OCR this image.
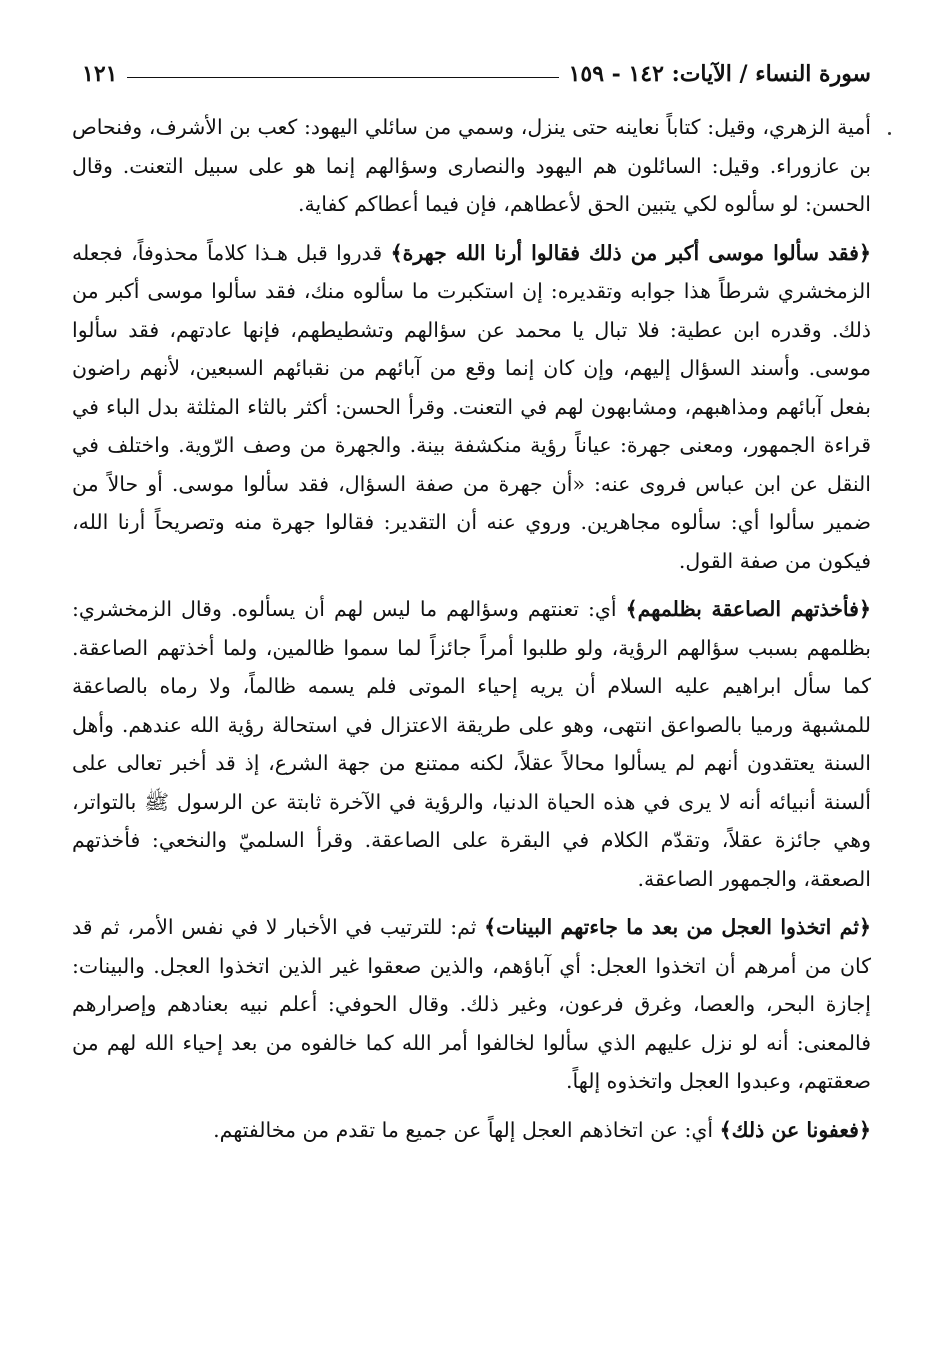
سورة النساء / الآيات: ١٤٢ - ١٥٩
١٢١

أمية الزهري، وقيل: كتاباً نعاينه حتى ينزل، وسمي من سائلي اليهود: كعب بن الأشرف، وفنحاص بن عازوراء. وقيل: السائلون هم اليهود والنصارى وسؤالهم إنما هو على سبيل التعنت. وقال الحسن: لو سألوه لكي يتبين الحق لأعطاهم، فإن فيما أعطاكم كفاية.

﴿فقد سألوا موسى أكبر من ذلك فقالوا أرنا الله جهرة﴾ قدروا قبل هـذا كلاماً محذوفاً، فجعله الزمخشري شرطاً هذا جوابه وتقديره: إن استكبرت ما سألوه منك، فقد سألوا موسى أكبر من ذلك. وقدره ابن عطية: فلا تبال يا محمد عن سؤالهم وتشطيطهم، فإنها عادتهم، فقد سألوا موسى. وأسند السؤال إليهم، وإن كان إنما وقع من آبائهم من نقبائهم السبعين، لأنهم راضون بفعل آبائهم ومذاهبهم، ومشابهون لهم في التعنت. وقرأ الحسن: أكثر بالثاء المثلثة بدل الباء في قراءة الجمهور، ومعنى جهرة: عياناً رؤية منكشفة بينة. والجهرة من وصف الرّوية. واختلف في النقل عن ابن عباس فروى عنه: «أن جهرة من صفة السؤال، فقد سألوا موسى. أو حالاً من ضمير سألوا أي: سألوه مجاهرين. وروي عنه أن التقدير: فقالوا جهرة منه وتصريحاً أرنا الله، فيكون من صفة القول.

﴿فأخذتهم الصاعقة بظلمهم﴾ أي: تعنتهم وسؤالهم ما ليس لهم أن يسألوه. وقال الزمخشري: بظلمهم بسبب سؤالهم الرؤية، ولو طلبوا أمراً جائزاً لما سموا ظالمين، ولما أخذتهم الصاعقة. كما سأل ابراهيم عليه السلام أن يريه إحياء الموتى فلم يسمه ظالماً، ولا رماه بالصاعقة للمشبهة ورميا بالصواعق انتهى، وهو على طريقة الاعتزال في استحالة رؤية الله عندهم. وأهل السنة يعتقدون أنهم لم يسألوا محالاً عقلاً، لكنه ممتنع من جهة الشرع، إذ قد أخبر تعالى على ألسنة أنبيائه أنه لا يرى في هذه الحياة الدنيا، والرؤية في الآخرة ثابتة عن الرسول ﷺ بالتواتر، وهي جائزة عقلاً، وتقدّم الكلام في البقرة على الصاعقة. وقرأ السلميّ والنخعي: فأخذتهم الصعقة، والجمهور الصاعقة.

﴿ثم اتخذوا العجل من بعد ما جاءتهم البينات﴾ ثم: للترتيب في الأخبار لا في نفس الأمر، ثم قد كان من أمرهم أن اتخذوا العجل: أي آباؤهم، والذين صعقوا غير الذين اتخذوا العجل. والبينات: إجازة البحر، والعصا، وغرق فرعون، وغير ذلك. وقال الحوفي: أعلم نبيه بعنادهم وإصرارهم فالمعنى: أنه لو نزل عليهم الذي سألوا لخالفوا أمر الله كما خالفوه من بعد إحياء الله لهم من صعقتهم، وعبدوا العجل واتخذوه إلهاً.

﴿فعفونا عن ذلك﴾ أي: عن اتخاذهم العجل إلهاً عن جميع ما تقدم من مخالفتهم.
